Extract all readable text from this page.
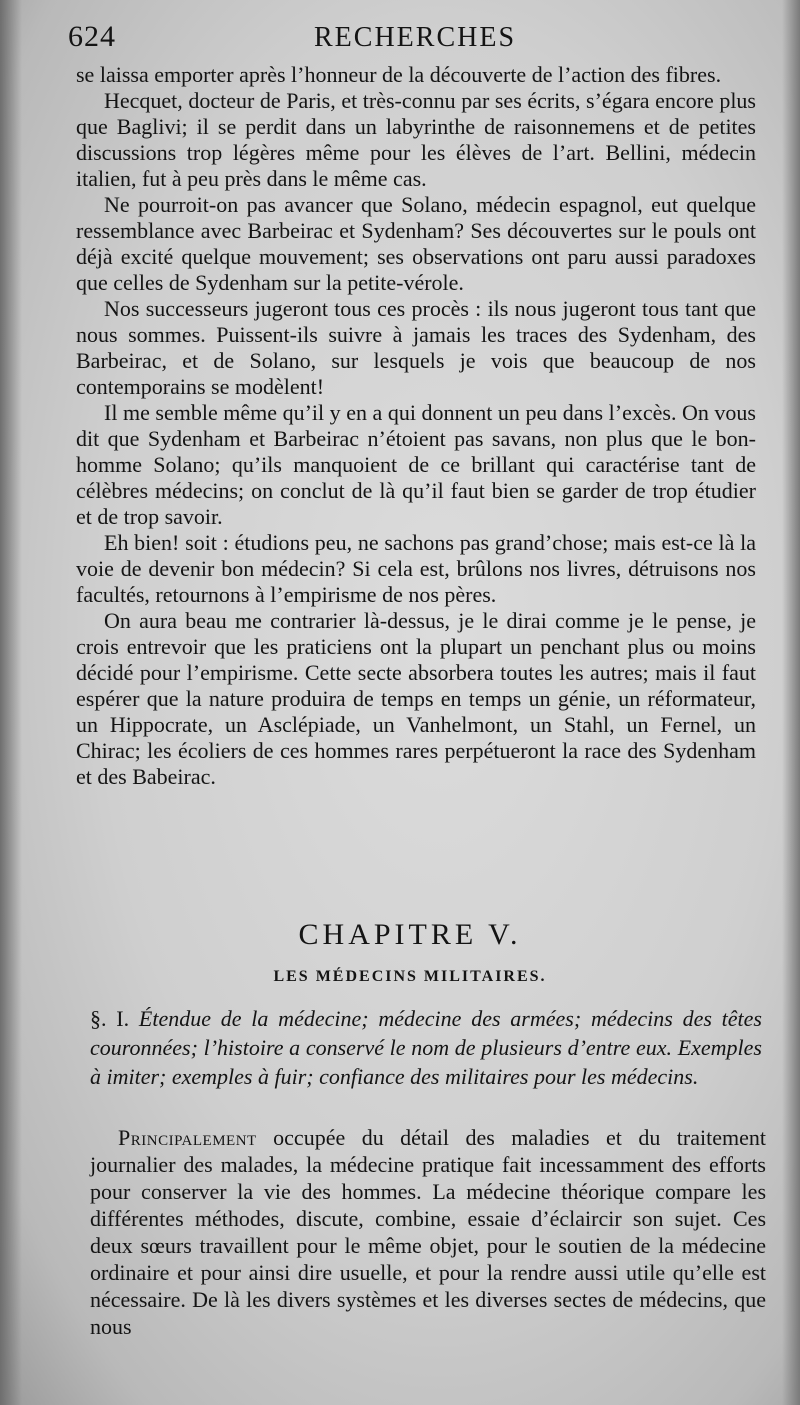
624	RECHERCHES

se laissa emporter après l’honneur de la découverte de l’action des fibres.

Hecquet, docteur de Paris, et très-connu par ses écrits, s’égara encore plus que Baglivi; il se perdit dans un labyrinthe de raisonnemens et de petites discussions trop légères même pour les élèves de l’art. Bellini, médecin italien, fut à peu près dans le même cas.

Ne pourroit-on pas avancer que Solano, médecin espagnol, eut quelque ressemblance avec Barbeirac et Sydenham? Ses découvertes sur le pouls ont déjà excité quelque mouvement; ses observations ont paru aussi paradoxes que celles de Sydenham sur la petite-vérole.

Nos successeurs jugeront tous ces procès : ils nous jugeront tous tant que nous sommes. Puissent-ils suivre à jamais les traces des Sydenham, des Barbeirac, et de Solano, sur lesquels je vois que beaucoup de nos contemporains se modèlent!

Il me semble même qu’il y en a qui donnent un peu dans l’excès. On vous dit que Sydenham et Barbeirac n’étoient pas savans, non plus que le bon-homme Solano; qu’ils manquoient de ce brillant qui caractérise tant de célèbres médecins; on conclut de là qu’il faut bien se garder de trop étudier et de trop savoir.

Eh bien! soit : étudions peu, ne sachons pas grand’chose; mais est-ce là la voie de devenir bon médecin? Si cela est, brûlons nos livres, détruisons nos facultés, retournons à l’empirisme de nos pères.

On aura beau me contrarier là-dessus, je le dirai comme je le pense, je crois entrevoir que les praticiens ont la plupart un penchant plus ou moins décidé pour l’empirisme. Cette secte absorbera toutes les autres; mais il faut espérer que la nature produira de temps en temps un génie, un réformateur, un Hippocrate, un Asclépiade, un Vanhelmont, un Stahl, un Fernel, un Chirac; les écoliers de ces hommes rares perpétueront la race des Sydenham et des Babeirac.

CHAPITRE V.
LES MÉDECINS MILITAIRES.
§. I. Étendue de la médecine; médecine des armées; médecins des têtes couronnées; l’histoire a conservé le nom de plusieurs d’entre eux. Exemples à imiter; exemples à fuir; confiance des militaires pour les médecins.
Principalement occupée du détail des maladies et du traitement journalier des malades, la médecine pratique fait incessamment des efforts pour conserver la vie des hommes. La médecine théorique compare les différentes méthodes, discute, combine, essaie d’éclaircir son sujet. Ces deux sœurs travaillent pour le même objet, pour le soutien de la médecine ordinaire et pour ainsi dire usuelle, et pour la rendre aussi utile qu’elle est nécessaire. De là les divers systèmes et les diverses sectes de médecins, que nous
